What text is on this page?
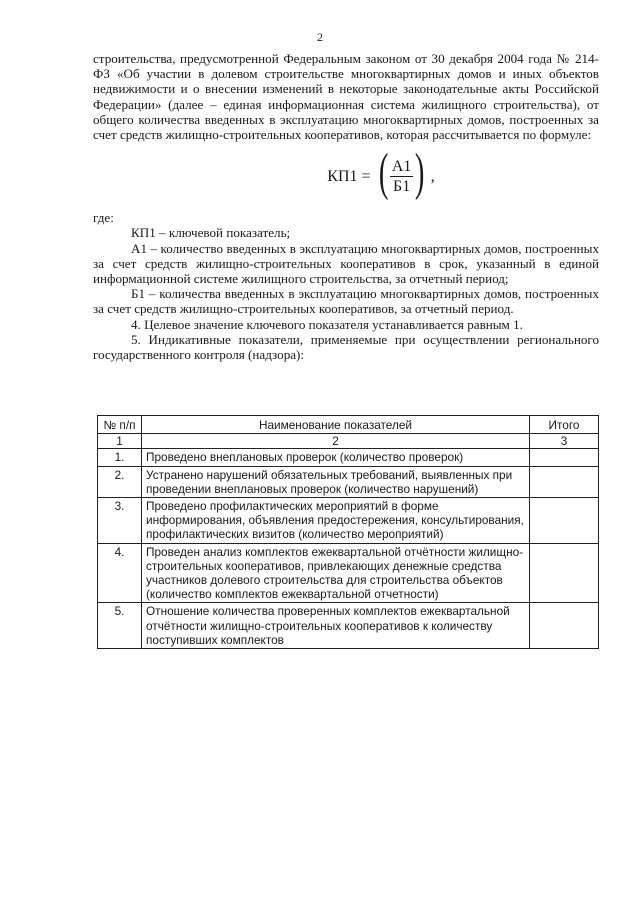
2

строительства, предусмотренной Федеральным законом от 30 декабря 2004 года № 214-ФЗ «Об участии в долевом строительстве многоквартирных домов и иных объектов недвижимости и о внесении изменений в некоторые законодательные акты Российской Федерации» (далее – единая информационная система жилищного строительства), от общего количества введенных в эксплуатацию многоквартирных домов, построенных за счет средств жилищно-строительных кооперативов, которая рассчитывается по формуле:

КП1 = ( $\frac{А1}{Б1}$ ) ,

где:

КП1 – ключевой показатель;

А1 – количество введенных в эксплуатацию многоквартирных домов, построенных за счет средств жилищно-строительных кооперативов в срок, указанный в единой информационной системе жилищного строительства, за отчетный период;

Б1 – количества введенных в эксплуатацию многоквартирных домов, построенных за счет средств жилищно-строительных кооперативов, за отчетный период.

4. Целевое значение ключевого показателя устанавливается равным 1.

5. Индикативные показатели, применяемые при осуществлении регионального государственного контроля (надзора):

№ п/п	Наименование показателей	Итого
1	2	3
1.	Проведено внеплановых проверок (количество проверок)	
2.	Устранено нарушений обязательных требований, выявленных при проведении внеплановых проверок (количество нарушений)	
3.	Проведено профилактических мероприятий в форме информирования, объявления предостережения, консультирования, профилактических визитов (количество мероприятий)	
4.	Проведен анализ комплектов ежеквартальной отчётности жилищно-строительных кооперативов, привлекающих денежные средства участников долевого строительства для строительства объектов (количество комплектов ежеквартальной отчетности)	
5.	Отношение количества проверенных комплектов ежеквартальной отчётности жилищно-строительных кооперативов к количеству поступивших комплектов	
